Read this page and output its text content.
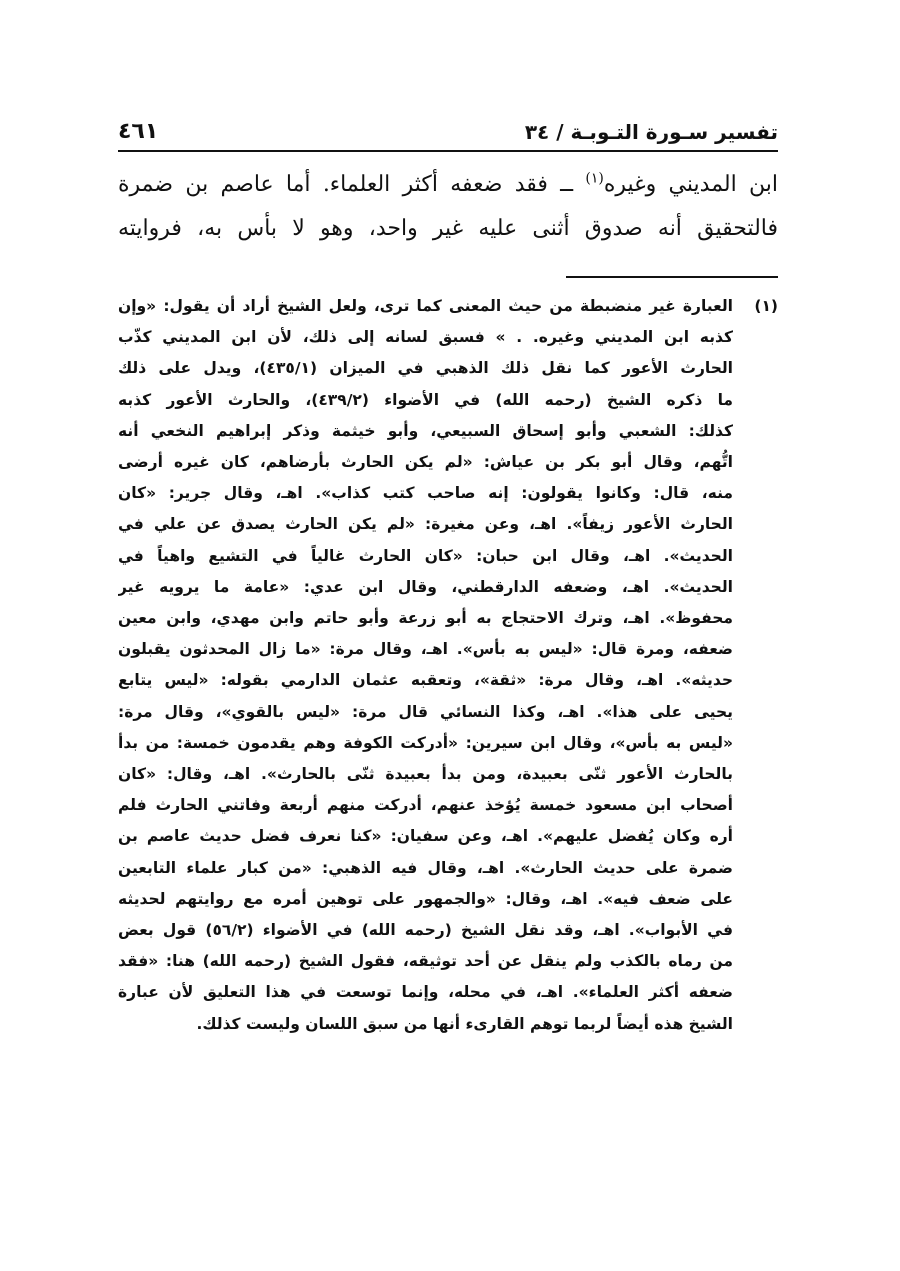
تفسير سـورة التـوبـة / ٣٤
٤٦١
ابن المديني وغيره$^{(١)}$ ــ فقد ضعفه أكثر العلماء. أما عاصم بن ضمرة
فالتحقيق أنه صدوق أثنى عليه غير واحد، وهو لا بأس به، فروايته
(١)
العبارة غير منضبطة من حيث المعنى كما ترى، ولعل الشيخ أراد أن يقول: «وإن
كذبه ابن المديني وغيره. . » فسبق لسانه إلى ذلك، لأن ابن المديني كذّب
الحارث الأعور كما نقل ذلك الذهبي في الميزان (٤٣٥/١)، ويدل على ذلك
ما ذكره الشيخ (رحمه الله) في الأضواء (٤٣٩/٢)، والحارث الأعور كذبه
كذلك: الشعبي وأبو إسحاق السبيعي، وأبو خيثمة وذكر إبراهيم النخعي أنه
اتُّهم، وقال أبو بكر بن عياش: «لم يكن الحارث بأرضاهم، كان غيره أرضى
منه، قال: وكانوا يقولون: إنه صاحب كتب كذاب». اهـ، وقال جرير: «كان
الحارث الأعور زيفاً». اهـ، وعن مغيرة: «لم يكن الحارث يصدق عن علي في
الحديث». اهـ، وقال ابن حبان: «كان الحارث غالياً في التشيع واهياً في
الحديث». اهـ، وضعفه الدارقطني، وقال ابن عدي: «عامة ما يرويه غير
محفوظ». اهـ، وترك الاحتجاج به أبو زرعة وأبو حاتم وابن مهدي، وابن معين
ضعفه، ومرة قال: «ليس به بأس». اهـ، وقال مرة: «ما زال المحدثون يقبلون
حديثه». اهـ، وقال مرة: «ثقة»، وتعقبه عثمان الدارمي بقوله: «ليس يتابع
يحيى على هذا». اهـ، وكذا النسائي قال مرة: «ليس بالقوي»، وقال مرة:
«ليس به بأس»، وقال ابن سيرين: «أدركت الكوفة وهم يقدمون خمسة: من بدأ
بالحارث الأعور ثنّى بعبيدة، ومن بدأ بعبيدة ثنّى بالحارث». اهـ، وقال: «كان
أصحاب ابن مسعود خمسة يُؤخذ عنهم، أدركت منهم أربعة وفاتني الحارث فلم
أره وكان يُفضل عليهم». اهـ، وعن سفيان: «كنا نعرف فضل حديث عاصم بن
ضمرة على حديث الحارث». اهـ، وقال فيه الذهبي: «من كبار علماء التابعين
على ضعف فيه». اهـ، وقال: «والجمهور على توهين أمره مع روايتهم لحديثه
في الأبواب». اهـ، وقد نقل الشيخ (رحمه الله) في الأضواء (٥٦/٢) قول بعض
من رماه بالكذب ولم ينقل عن أحد توثيقه، فقول الشيخ (رحمه الله) هنا: «فقد
ضعفه أكثر العلماء». اهـ، في محله، وإنما توسعت في هذا التعليق لأن عبارة
الشيخ هذه أيضاً لربما توهم القارىء أنها من سبق اللسان وليست كذلك.
